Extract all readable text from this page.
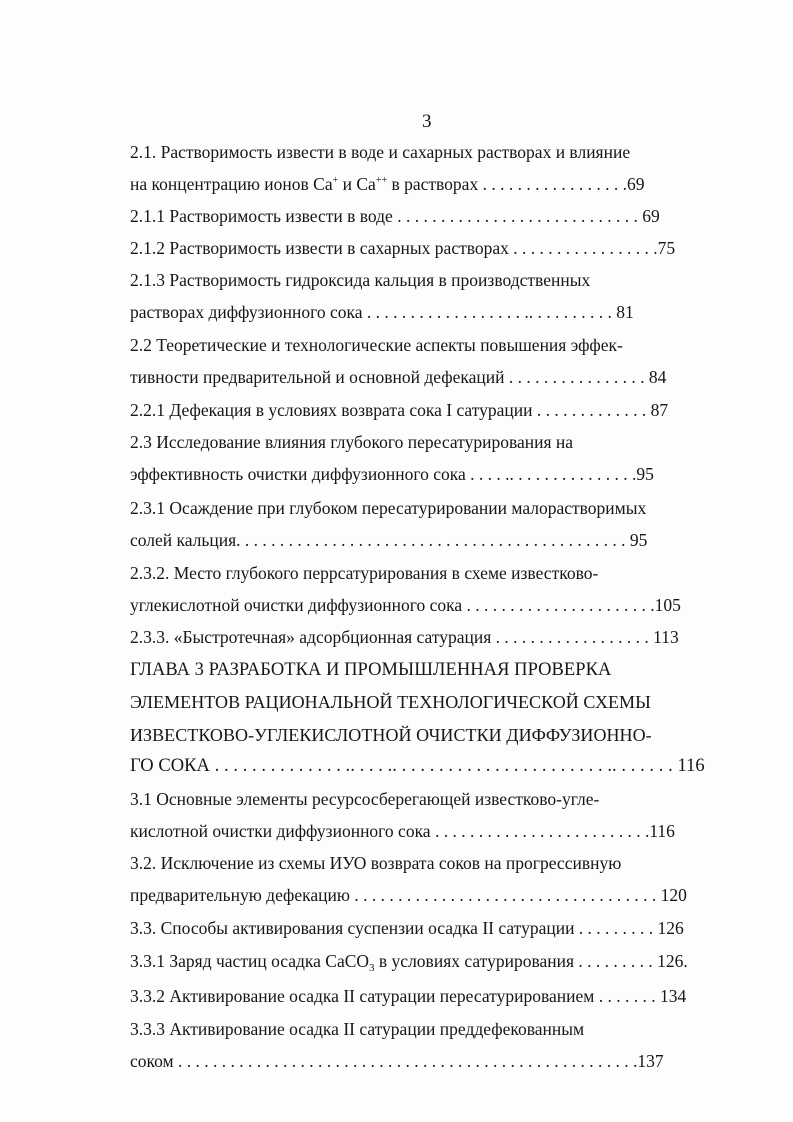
3
2.1. Растворимость извести в воде и сахарных растворах и влияние
на концентрацию ионов Ca+ и Ca++ в растворах . . . . . . . . . . . . . . . . .69
2.1.1 Растворимость извести в воде . . . . . . . . . . . . . . . . . . . . . . . . . . . . 69
2.1.2 Растворимость извести в сахарных растворах . . . . . . . . . . . . . . . . .75
2.1.3 Растворимость гидроксида кальция в производственных
растворах диффузионного сока . . . . . . . . . . . . . . . . . . .. . . . . . . . . . 81
2.2 Теоретические и технологические аспекты повышения эффек-
тивности предварительной и основной дефекаций . . . . . . . . . . . . . . . . 84
2.2.1 Дефекация в условиях возврата сока I сатурации . . . . . . . . . . . . . 87
2.3 Исследование влияния глубокого пересатурирования на
эффективность очистки диффузионного сока . . . . .. . . . . . . . . . . . . . .95
2.3.1 Осаждение при глубоком пересатурировании малорастворимых
солей кальция. . . . . . . . . . . . . . . . . . . . . . . . . . . . . . . . . . . . . . . . . . . . . 95
2.3.2. Место глубокого перрсатурирования в схеме известково-
углекислотной очистки диффузионного сока . . . . . . . . . . . . . . . . . . . . . .105
2.3.3. «Быстротечная» адсорбционная сатурация . . . . . . . . . . . . . . . . . . 113
ГЛАВА 3 РАЗРАБОТКА И ПРОМЫШЛЕННАЯ ПРОВЕРКА
ЭЛЕМЕНТОВ РАЦИОНАЛЬНОЙ ТЕХНОЛОГИЧЕСКОЙ СХЕМЫ
ИЗВЕСТКОВО-УГЛЕКИСЛОТНОЙ ОЧИСТКИ ДИФФУЗИОННО-
ГО СОКА . . . . . . . . . . . . . . .. . . . .. . . . . . . . . . . . . . . . . . . . . . . .. . . . . . . 116
3.1 Основные элементы ресурсосберегающей известково-угле-
кислотной очистки диффузионного сока . . . . . . . . . . . . . . . . . . . . . . . . .116
3.2. Исключение из схемы ИУО возврата соков на прогрессивную
предварительную дефекацию . . . . . . . . . . . . . . . . . . . . . . . . . . . . . . . . . . . 120
3.3. Способы активирования суспензии осадка II сатурации . . . . . . . . . 126
3.3.1 Заряд частиц осадка CaCO$_3$ в условиях сатурирования . . . . . . . . . 126.
3.3.2 Активирование осадка II сатурации пересатурированием . . . . . . . 134
3.3.3 Активирование осадка II сатурации преддефекованным
соком . . . . . . . . . . . . . . . . . . . . . . . . . . . . . . . . . . . . . . . . . . . . . . . . . . . . .137
